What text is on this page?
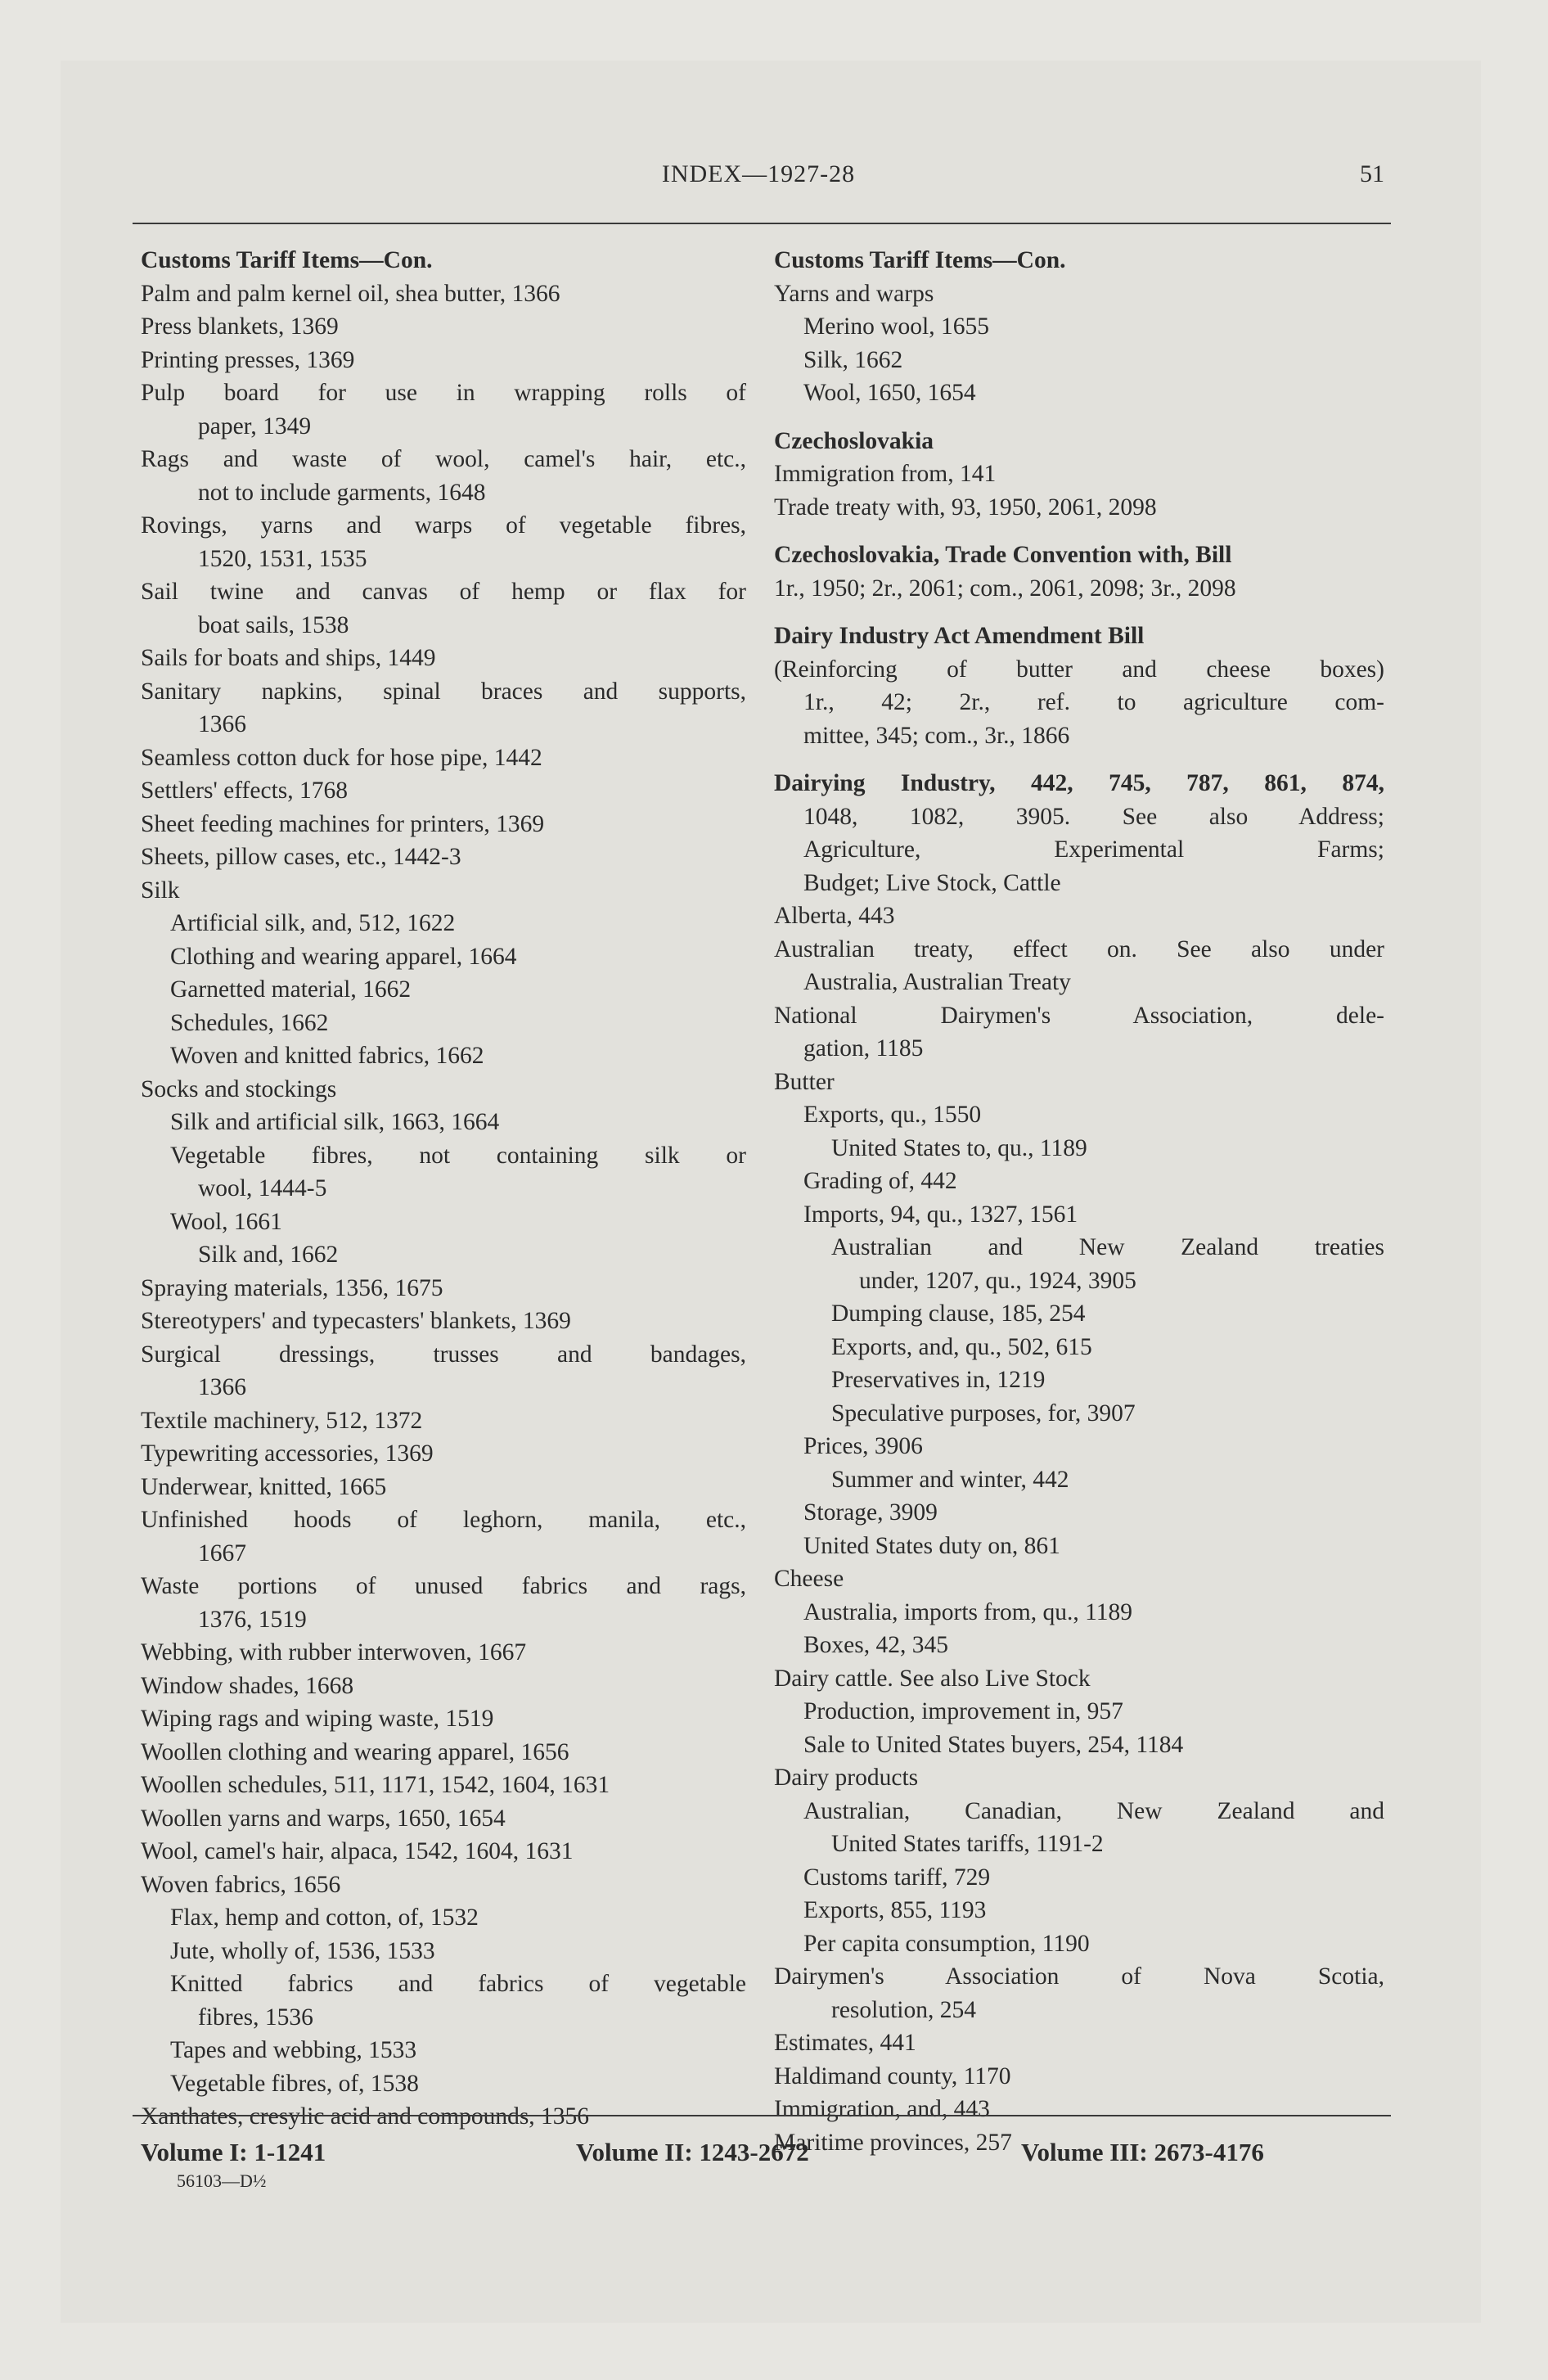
INDEX—1927-28	51
Customs Tariff Items—Con.
Palm and palm kernel oil, shea butter, 1366
Press blankets, 1369
Printing presses, 1369
Pulp board for use in wrapping rolls of
paper, 1349
Rags and waste of wool, camel's hair, etc.,
not to include garments, 1648
Rovings, yarns and warps of vegetable fibres,
1520, 1531, 1535
Sail twine and canvas of hemp or flax for
boat sails, 1538
Sails for boats and ships, 1449
Sanitary napkins, spinal braces and supports,
1366
Seamless cotton duck for hose pipe, 1442
Settlers' effects, 1768
Sheet feeding machines for printers, 1369
Sheets, pillow cases, etc., 1442-3
Silk
Artificial silk, and, 512, 1622
Clothing and wearing apparel, 1664
Garnetted material, 1662
Schedules, 1662
Woven and knitted fabrics, 1662
Socks and stockings
Silk and artificial silk, 1663, 1664
Vegetable fibres, not containing silk or
wool, 1444-5
Wool, 1661
Silk and, 1662
Spraying materials, 1356, 1675
Stereotypers' and typecasters' blankets, 1369
Surgical dressings, trusses and bandages,
1366
Textile machinery, 512, 1372
Typewriting accessories, 1369
Underwear, knitted, 1665
Unfinished hoods of leghorn, manila, etc.,
1667
Waste portions of unused fabrics and rags,
1376, 1519
Webbing, with rubber interwoven, 1667
Window shades, 1668
Wiping rags and wiping waste, 1519
Woollen clothing and wearing apparel, 1656
Woollen schedules, 511, 1171, 1542, 1604, 1631
Woollen yarns and warps, 1650, 1654
Wool, camel's hair, alpaca, 1542, 1604, 1631
Woven fabrics, 1656
Flax, hemp and cotton, of, 1532
Jute, wholly of, 1536, 1533
Knitted fabrics and fabrics of vegetable
fibres, 1536
Tapes and webbing, 1533
Vegetable fibres, of, 1538
Xanthates, cresylic acid and compounds, 1356
Customs Tariff Items—Con.
Yarns and warps
Merino wool, 1655
Silk, 1662
Wool, 1650, 1654
Czechoslovakia
Immigration from, 141
Trade treaty with, 93, 1950, 2061, 2098
Czechoslovakia, Trade Convention with, Bill
1r., 1950; 2r., 2061; com., 2061, 2098; 3r., 2098
Dairy Industry Act Amendment Bill
(Reinforcing of butter and cheese boxes)
1r., 42; 2r., ref. to agriculture com-
mittee, 345; com., 3r., 1866
Dairying Industry, 442, 745, 787, 861, 874,
1048, 1082, 3905. See also Address;
Agriculture, Experimental Farms;
Budget; Live Stock, Cattle
Alberta, 443
Australian treaty, effect on. See also under
Australia, Australian Treaty
National Dairymen's Association, dele-
gation, 1185
Butter
Exports, qu., 1550
United States to, qu., 1189
Grading of, 442
Imports, 94, qu., 1327, 1561
Australian and New Zealand treaties
under, 1207, qu., 1924, 3905
Dumping clause, 185, 254
Exports, and, qu., 502, 615
Preservatives in, 1219
Speculative purposes, for, 3907
Prices, 3906
Summer and winter, 442
Storage, 3909
United States duty on, 861
Cheese
Australia, imports from, qu., 1189
Boxes, 42, 345
Dairy cattle. See also Live Stock
Production, improvement in, 957
Sale to United States buyers, 254, 1184
Dairy products
Australian, Canadian, New Zealand and
United States tariffs, 1191-2
Customs tariff, 729
Exports, 855, 1193
Per capita consumption, 1190
Dairymen's Association of Nova Scotia,
resolution, 254
Estimates, 441
Haldimand county, 1170
Immigration, and, 443
Maritime provinces, 257
Volume I: 1-1241	Volume II: 1243-2672	Volume III: 2673-4176
56103—D½
